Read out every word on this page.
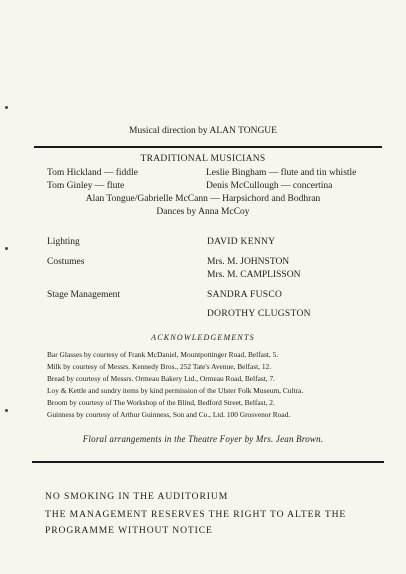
Musical direction by ALAN TONGUE
TRADITIONAL MUSICIANS
Tom Hickland — fiddle	Leslie Bingham — flute and tin whistle
Tom Ginley — flute	Denis McCullough — concertina
Alan Tongue/Gabrielle McCann — Harpsichord and Bodhran
Dances by Anna McCoy
Lighting	DAVID KENNY
Costumes	Mrs. M. JOHNSTON
Mrs. M. CAMPLISSON
Stage Management	SANDRA FUSCO
DOROTHY CLUGSTON
ACKNOWLEDGEMENTS
Bar Glasses by courtesy of Frank McDaniel, Mountpottinger Road, Belfast, 5.
Milk by courtesy of Messrs. Kennedy Bros., 252 Tate's Avenue, Belfast, 12.
Bread by courtesy of Messrs. Ormeau Bakery Ltd., Ormeau Road, Belfast, 7.
Loy & Kettle and sundry items by kind permission of the Ulster Folk Museum, Cultra.
Broom by courtesy of The Workshop of the Blind, Bedford Street, Belfast, 2.
Guinness by courtesy of Arthur Guinness, Son and Co., Ltd. 100 Grosvenor Road.
Floral arrangements in the Theatre Foyer by Mrs. Jean Brown.
NO SMOKING IN THE AUDITORIUM
THE MANAGEMENT RESERVES THE RIGHT TO ALTER THE
PROGRAMME WITHOUT NOTICE
